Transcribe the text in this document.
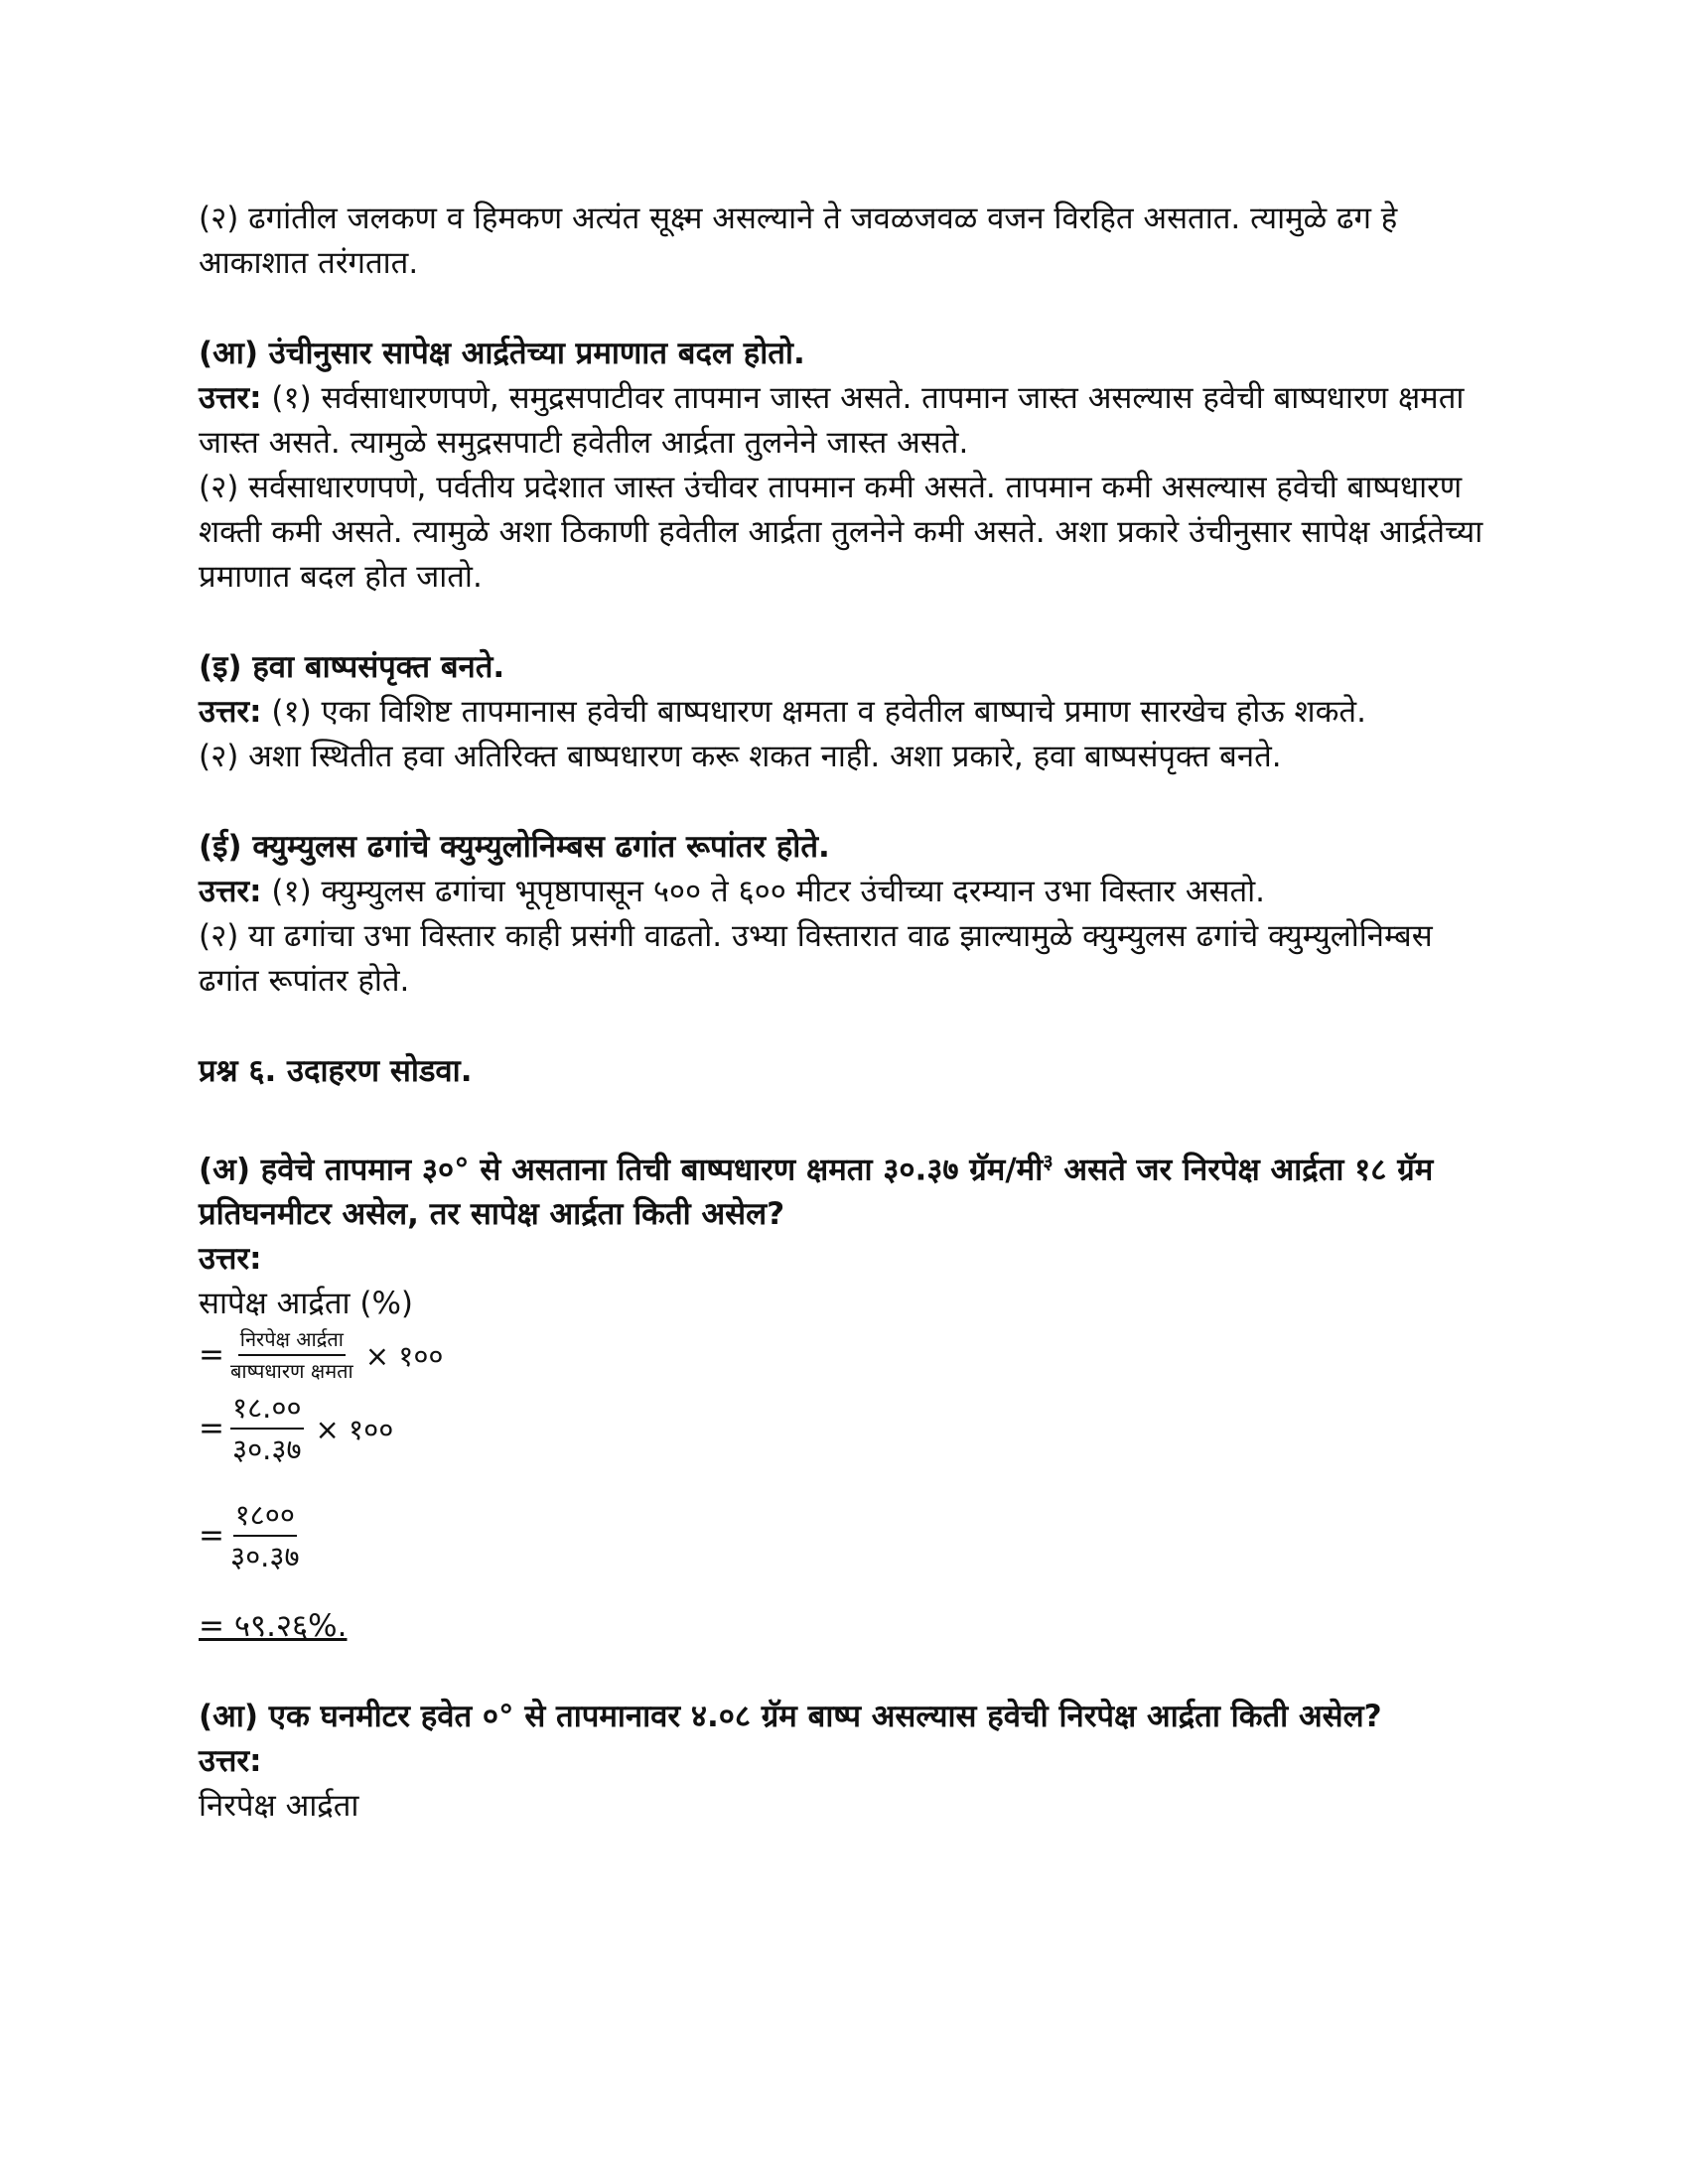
(२) ढगांतील जलकण व हिमकण अत्यंत सूक्ष्म असल्याने ते जवळजवळ वजन विरहित असतात. त्यामुळे ढग हे आकाशात तरंगतात.

(आ) उंचीनुसार सापेक्ष आर्द्रतेच्या प्रमाणात बदल होतो.

उत्तर: (१) सर्वसाधारणपणे, समुद्रसपाटीवर तापमान जास्त असते. तापमान जास्त असल्यास हवेची बाष्पधारण क्षमता जास्त असते. त्यामुळे समुद्रसपाटी हवेतील आर्द्रता तुलनेने जास्त असते.

(२) सर्वसाधारणपणे, पर्वतीय प्रदेशात जास्त उंचीवर तापमान कमी असते. तापमान कमी असल्यास हवेची बाष्पधारण शक्ती कमी असते. त्यामुळे अशा ठिकाणी हवेतील आर्द्रता तुलनेने कमी असते. अशा प्रकारे उंचीनुसार सापेक्ष आर्द्रतेच्या प्रमाणात बदल होत जातो.

(इ) हवा बाष्पसंपृक्त बनते.

उत्तर: (१) एका विशिष्ट तापमानास हवेची बाष्पधारण क्षमता व हवेतील बाष्पाचे प्रमाण सारखेच होऊ शकते.

(२) अशा स्थितीत हवा अतिरिक्त बाष्पधारण करू शकत नाही. अशा प्रकारे, हवा बाष्पसंपृक्त बनते.

(ई) क्युम्युलस ढगांचे क्युम्युलोनिम्बस ढगांत रूपांतर होते.

उत्तर: (१) क्युम्युलस ढगांचा भूपृष्ठापासून ५०० ते ६०० मीटर उंचीच्या दरम्यान उभा विस्तार असतो.

(२) या ढगांचा उभा विस्तार काही प्रसंगी वाढतो. उभ्या विस्तारात वाढ झाल्यामुळे क्युम्युलस ढगांचे क्युम्युलोनिम्बस ढगांत रूपांतर होते.

प्रश्न ६. उदाहरण सोडवा.

(अ) हवेचे तापमान ३०° से असताना तिची बाष्पधारण क्षमता ३०.३७ ग्रॅम/मी$^३$ असते जर निरपेक्ष आर्द्रता १८ ग्रॅम प्रतिघनमीटर असेल, तर सापेक्ष आर्द्रता किती असेल?

उत्तर:

सापेक्ष आर्द्रता (%)

= $\frac{\text{निरपेक्ष आर्द्रता}}{\text{बाष्पधारण क्षमता}}$ × १००
= $\frac{१८.००}{३०.३७}$ × १००
= $\frac{१८००}{३०.३७}$

= ५९.२६%.

(आ) एक घनमीटर हवेत ०° से तापमानावर ४.०८ ग्रॅम बाष्प असल्यास हवेची निरपेक्ष आर्द्रता किती असेल?

उत्तर:

निरपेक्ष आर्द्रता
